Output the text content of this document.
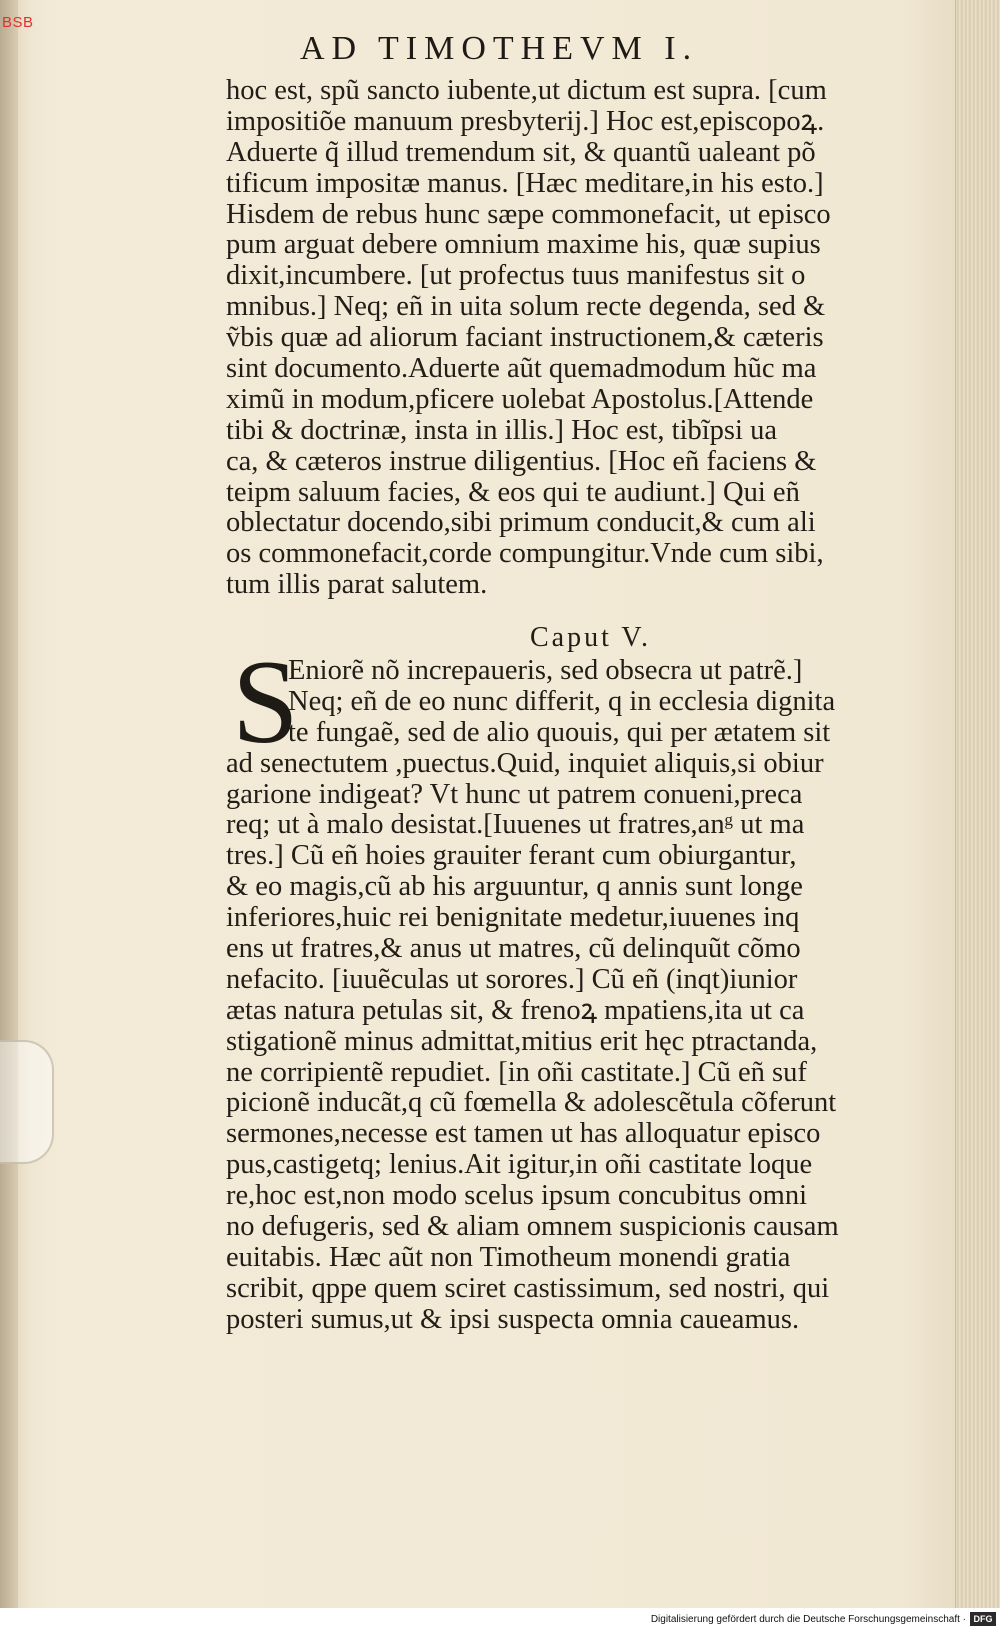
BSB
AD TIMOTHEVM I.
hoc est, spũ sancto iubente,ut dictum est supra. [cum
impositiõe manuum presbyterij.] Hoc est,episcopoꝝ.
Aduerte q̃ illud tremendum sit, & quantũ ualeant põ
tificum impositæ manus. [Hæc meditare,in his esto.]
Hisdem de rebus hunc sæpe commonefacit, ut episco
pum arguat debere omnium maxime his, quæ supius
dixit,incumbere. [ut profectus tuus manifestus sit o
mnibus.] Neq; eñ in uita solum recte degenda, sed &
ṽbis quæ ad aliorum faciant instructionem,& cæteris
sint documento.Aduerte aũt quemadmodum hũc ma
ximũ in modum,pficere uolebat Apostolus.[Attende
tibi & doctrinæ, insta in illis.] Hoc est, tibĩpsi ua
ca, & cæteros instrue diligentius. [Hoc eñ faciens &
teipm saluum facies, & eos qui te audiunt.] Qui eñ
oblectatur docendo,sibi primum conducit,& cum ali
os commonefacit,corde compungitur.Vnde cum sibi,
tum illis parat salutem.
Caput V.
S
Eniorẽ nõ increpaueris, sed obsecra ut patrẽ.]
Neq; eñ de eo nunc differit, q in ecclesia dignita
te fungaẽ, sed de alio quouis, qui per ætatem sit
ad senectutem ,puectus.Quid, inquiet aliquis,si obiur
garione indigeat? Vt hunc ut patrem conueni,preca
req; ut à malo desistat.[Iuuenes ut fratres,anᵍ ut ma
tres.] Cũ eñ hoies grauiter ferant cum obiurgantur,
& eo magis,cũ ab his arguuntur, q annis sunt longe
inferiores,huic rei benignitate medetur,iuuenes inq
ens ut fratres,& anus ut matres, cũ delinquũt cõmo
nefacito. [iuuẽculas ut sorores.] Cũ eñ (inqt)iunior
ætas natura petulas sit, & frenoꝝ mpatiens,ita ut ca
stigationẽ minus admittat,mitius erit hęc ptractanda,
ne corripientẽ repudiet. [in oñi castitate.] Cũ eñ suf
picionẽ inducãt,q cũ fœmella & adolescẽtula cõferunt
sermones,necesse est tamen ut has alloquatur episco
pus,castigetq; lenius.Ait igitur,in oñi castitate loque
re,hoc est,non modo scelus ipsum concubitus omni
no defugeris, sed & aliam omnem suspicionis causam
euitabis. Hæc aũt non Timotheum monendi gratia
scribit, qppe quem sciret castissimum, sed nostri, qui
posteri sumus,ut & ipsi suspecta omnia caueamus.
Digitalisierung gefördert durch die Deutsche Forschungsgemeinschaft · DFG
